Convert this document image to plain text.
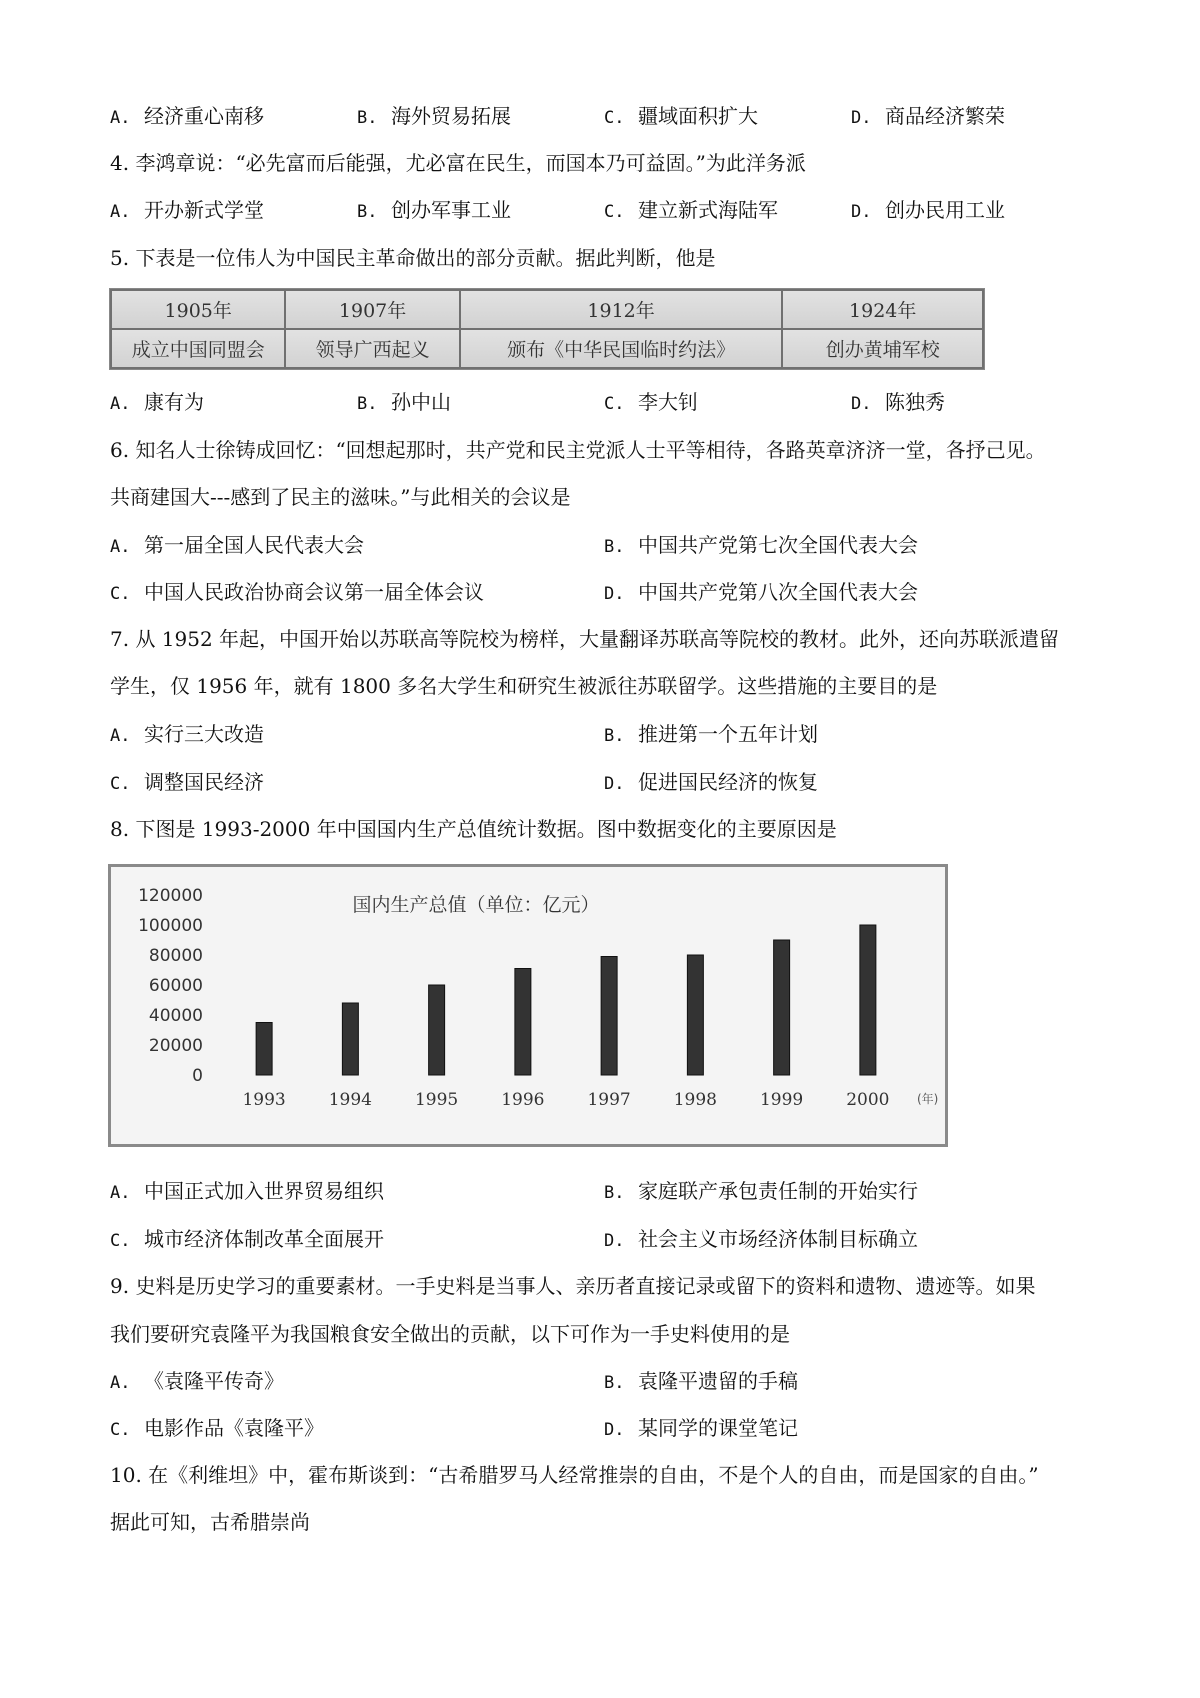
A. 经济重心南移	B. 海外贸易拓展	C. 疆域面积扩大	D. 商品经济繁荣
4. 李鸿章说：“必先富而后能强，尤必富在民生，而国本乃可益固。”为此洋务派
A. 开办新式学堂	B. 创办军事工业	C. 建立新式海陆军	D. 创办民用工业
5. 下表是一位伟人为中国民主革命做出的部分贡献。据此判断，他是
1905年	1907年	1912年	1924年
成立中国同盟会	领导广西起义	颁布《中华民国临时约法》	创办黄埔军校
A. 康有为	B. 孙中山	C. 李大钊	D. 陈独秀
6. 知名人士徐铸成回忆：“回想起那时，共产党和民主党派人士平等相待，各路英章济济一堂，各抒己见。
共商建国大---感到了民主的滋味。”与此相关的会议是
A. 第一届全国人民代表大会	B. 中国共产党第七次全国代表大会
C. 中国人民政治协商会议第一届全体会议	D. 中国共产党第八次全国代表大会
7. 从 1952 年起，中国开始以苏联高等院校为榜样，大量翻译苏联高等院校的教材。此外，还向苏联派遣留
学生，仅 1956 年，就有 1800 多名大学生和研究生被派往苏联留学。这些措施的主要目的是
A. 实行三大改造	B. 推进第一个五年计划
C. 调整国民经济	D. 促进国民经济的恢复
8. 下图是 1993-2000 年中国国内生产总值统计数据。图中数据变化的主要原因是
120000
100000
80000
60000
40000
20000
0
国内生产总值（单位：亿元）
1993	1994	1995	1996	1997	1998	1999	2000 (年)
A. 中国正式加入世界贸易组织	B. 家庭联产承包责任制的开始实行
C. 城市经济体制改革全面展开	D. 社会主义市场经济体制目标确立
9. 史料是历史学习的重要素材。一手史料是当事人、亲历者直接记录或留下的资料和遗物、遗迹等。如果
我们要研究袁隆平为我国粮食安全做出的贡献，以下可作为一手史料使用的是
A. 《袁隆平传奇》	B. 袁隆平遗留的手稿
C. 电影作品《袁隆平》	D. 某同学的课堂笔记
10. 在《利维坦》中，霍布斯谈到：“古希腊罗马人经常推崇的自由，不是个人的自由，而是国家的自由。”
据此可知，古希腊崇尚
